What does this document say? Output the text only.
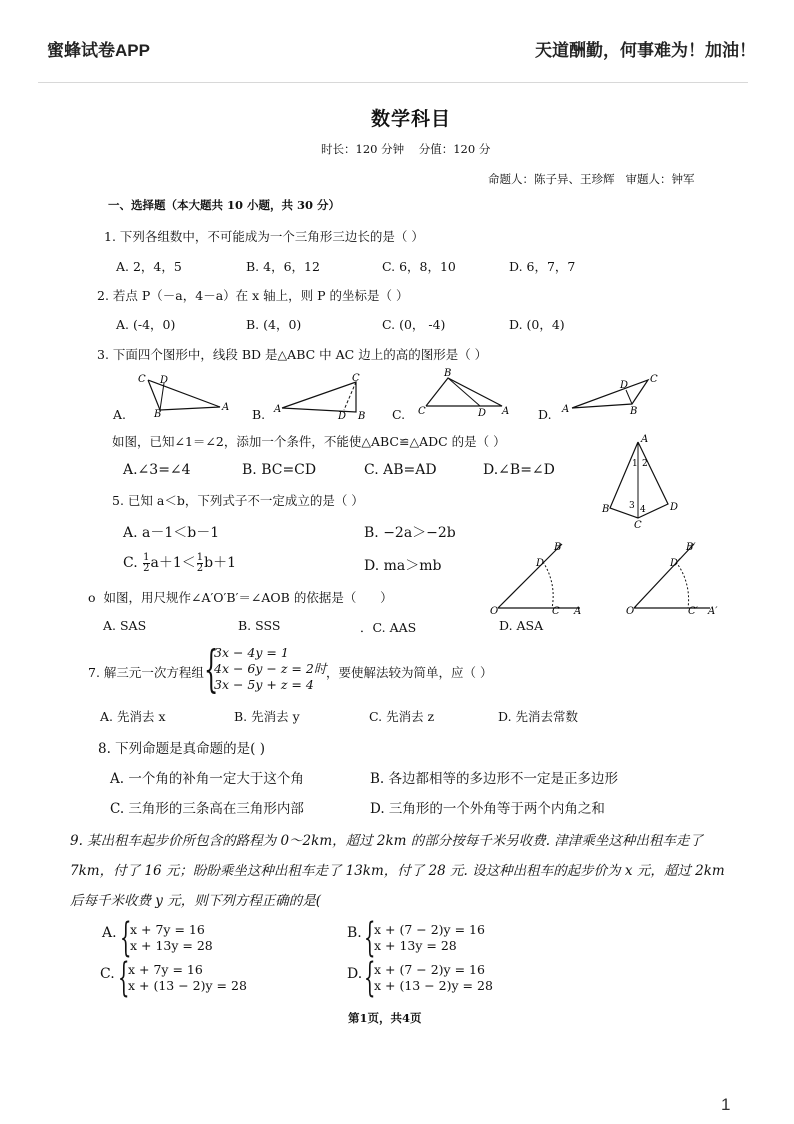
蜜蜂试卷APP	天道酬勤，何事难为！加油！
数学科目
时长：120 分钟    分值：120 分
命题人：陈子异、王珍辉   审题人：钟军
一、选择题（本大题共 10 小题，共 30 分）
1. 下列各组数中，不可能成为一个三角形三边长的是（ ）
A. 2，4，5	B. 4，6，12	C. 6，8，10	D. 6，7，7
2. 若点 P（－a，4－a）在 x 轴上，则 P 的坐标是（ ）
A. (-4，0)	B. (4，0)	C. (0， -4)	D. (0，4)
3. 下面四个图形中，线段 BD 是△ABC 中 AC 边上的高的图形是（ ）
A.	B.	C.	D.
C D
B
A	A
C
D B	C
B
D A	A
C
D
B
如图，已知∠1＝∠2，添加一个条件，不能使△ABC≌△ADC 的是（ ）
A.∠3=∠4	B. BC=CD	C. AB=AD	D.∠B=∠D
A
1 2
3 4
B
C
D
5. 已知 a＜b，下列式子不一定成立的是（ ）
A. a－1＜b－1	B. −2a＞−2b
C. $\frac{1}{2} a+1< \frac{1}{2} b+1$	D. ma＞mb
O
B
D
C A	O′
B′
D′
C′ A′
o  如图，用尺规作∠A′O′B′＝∠AOB 的依据是（      ）
A. SAS	B. SSS	．C. AAS	D. ASA
7. 解三元一次方程组 {
3x − 4y = 1
4x − 6y − z = 2时
3x − 5y + z = 4
，要使解法较为简单，应（ ）
A. 先消去 x	B. 先消去 y	C. 先消去 z	D. 先消去常数
8. 下列命题是真命题的是( )
A. 一个角的补角一定大于这个角	B. 各边都相等的多边形不一定是正多边形
C. 三角形的三条高在三角形内部	D. 三角形的一个外角等于两个内角之和
9. 某出租车起步价所包含的路程为 0～2km，超过 2km 的部分按每千米另收费. 津津乘坐这种出租车走了
7km，付了 16 元；盼盼乘坐这种出租车走了 13km，付了 28 元. 设这种出租车的起步价为 x 元，超过 2km
后每千米收费 y 元，则下列方程正确的是(
A. {
x + 7y = 16
x + 13y = 28
B. {
x + (7 − 2)y = 16
x + 13y = 28
C. {
x + 7y = 16
x + (13 − 2)y = 28
D. {
x + (7 − 2)y = 16
x + (13 − 2)y = 28
第1页，共4页
1
